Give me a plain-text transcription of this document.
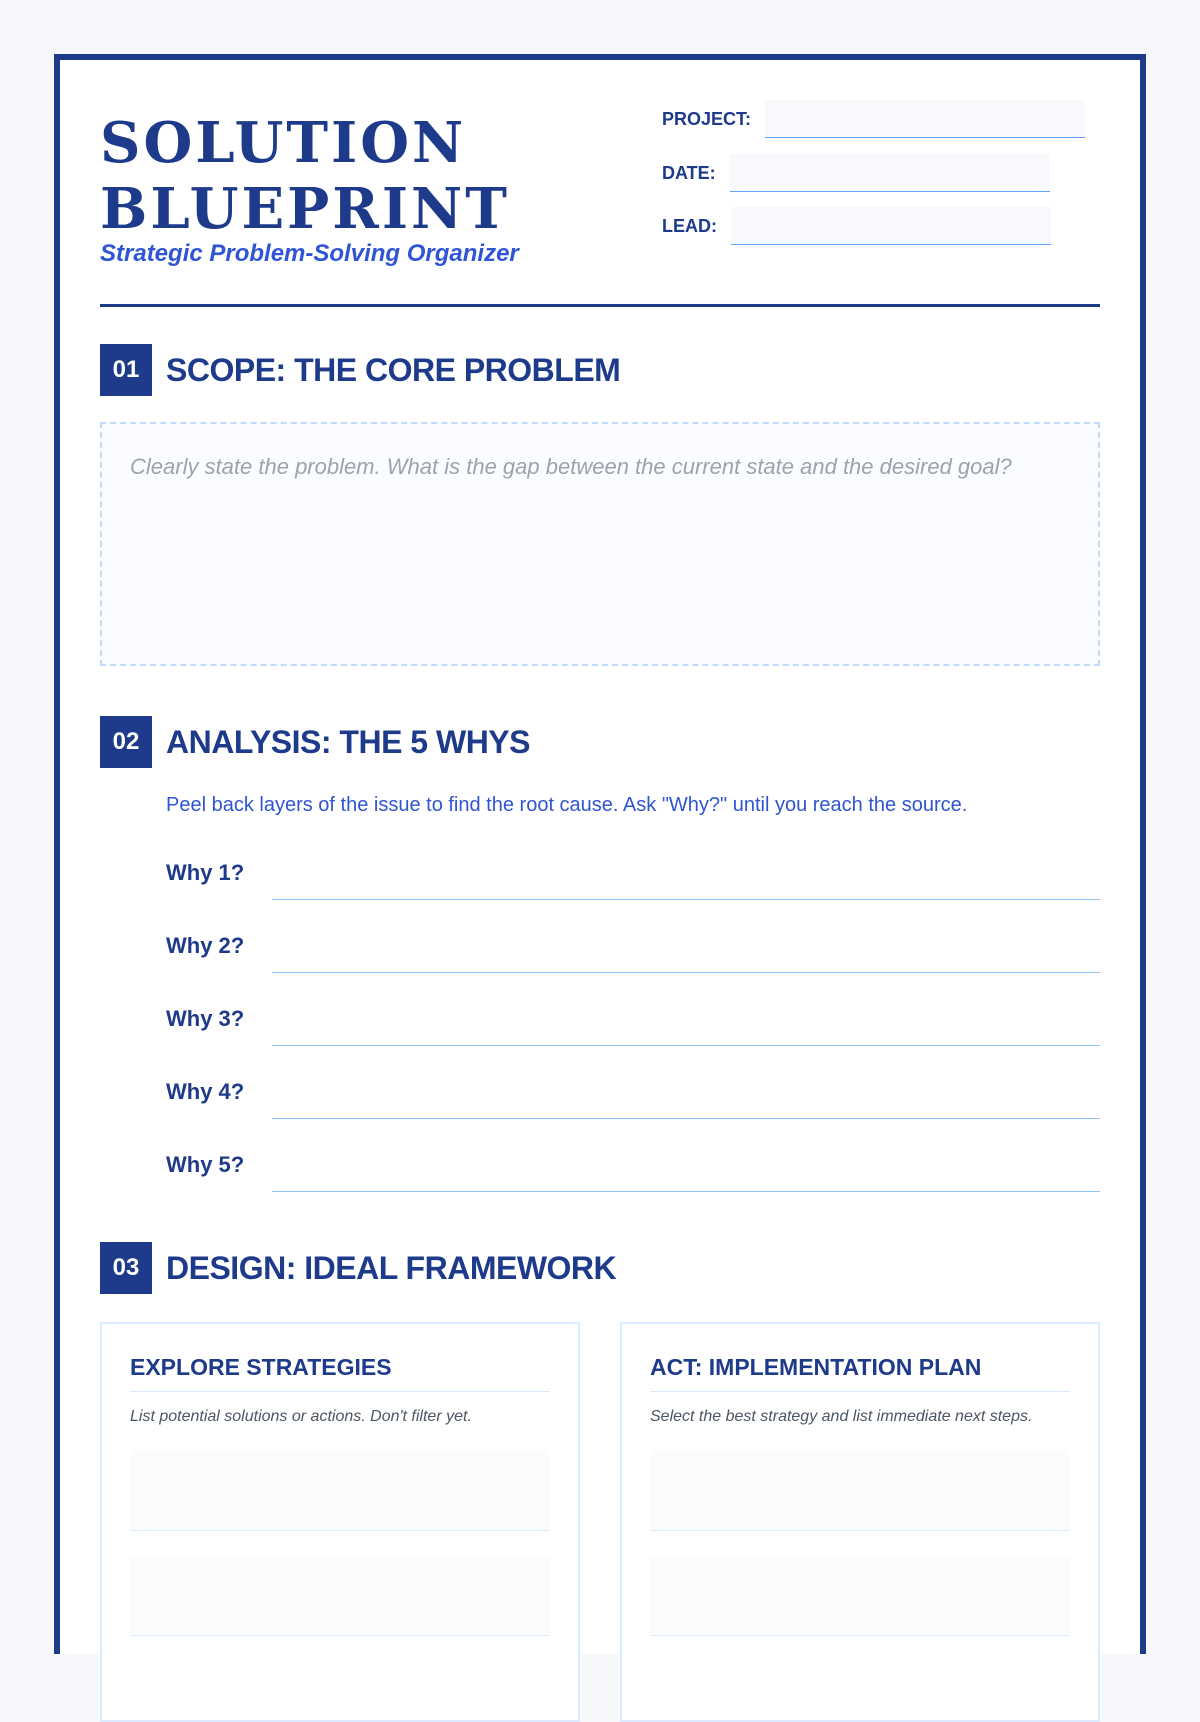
SOLUTION
BLUEPRINT
Strategic Problem-Solving Organizer
PROJECT:
DATE:
LEAD:
01 SCOPE: THE CORE PROBLEM
Clearly state the problem. What is the gap between the current state and the desired goal?
02 ANALYSIS: THE 5 WHYS
Peel back layers of the issue to find the root cause. Ask "Why?" until you reach the source.
Why 1?
Why 2?
Why 3?
Why 4?
Why 5?
03 DESIGN: IDEAL FRAMEWORK
EXPLORE STRATEGIES
List potential solutions or actions. Don't filter yet.
ACT: IMPLEMENTATION PLAN
Select the best strategy and list immediate next steps.
